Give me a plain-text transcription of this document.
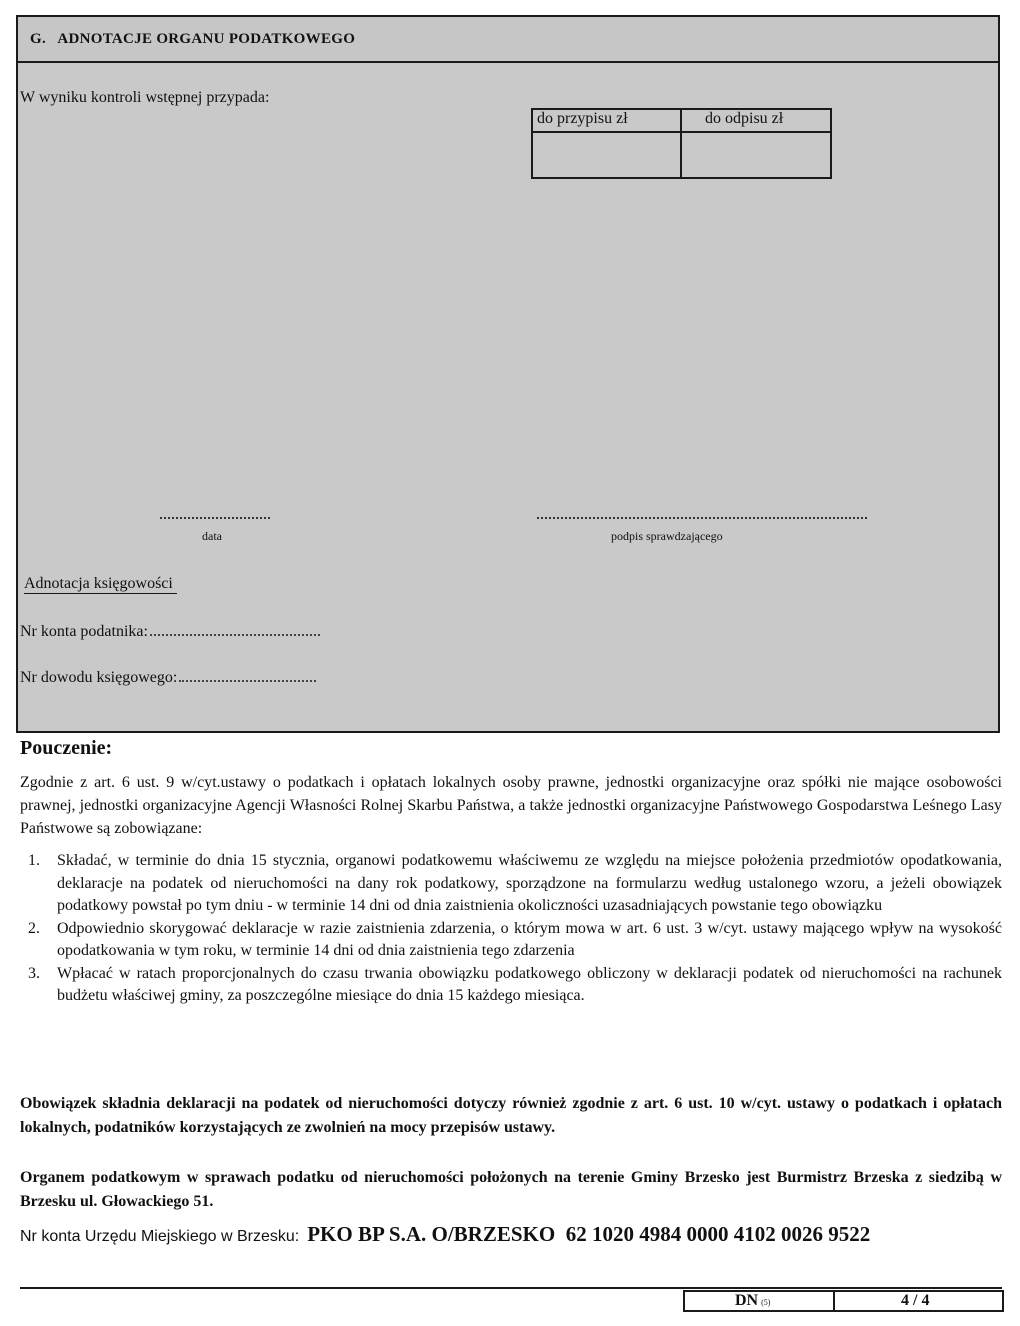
G.   ADNOTACJE ORGANU PODATKOWEGO
W wyniku kontroli wstępnej przypada:
do przypisu zł	do odpisu zł
data	podpis sprawdzającego
Adnotacja księgowości
Nr konta podatnika:
Nr dowodu księgowego:
Pouczenie:
Zgodnie z art. 6 ust. 9 w/cyt.ustawy o podatkach i opłatach lokalnych osoby prawne, jednostki organizacyjne oraz spółki nie mające osobowości prawnej, jednostki organizacyjne Agencji Własności Rolnej Skarbu Państwa, a także jednostki organizacyjne Państwowego Gospodarstwa Leśnego Lasy Państwowe są zobowiązane:
1. Składać, w terminie do dnia 15 stycznia, organowi podatkowemu właściwemu ze względu na miejsce położenia przedmiotów opodatkowania, deklaracje na podatek od nieruchomości na dany rok podatkowy, sporządzone na formularzu według ustalonego wzoru, a jeżeli obowiązek podatkowy powstał po tym dniu - w terminie 14 dni od dnia zaistnienia okoliczności uzasadniających powstanie tego obowiązku
2. Odpowiednio skorygować deklaracje w razie zaistnienia zdarzenia, o którym mowa w art. 6 ust. 3 w/cyt. ustawy mającego wpływ na wysokość opodatkowania w tym roku, w terminie 14 dni od dnia zaistnienia tego zdarzenia
3. Wpłacać w ratach proporcjonalnych do czasu trwania obowiązku podatkowego obliczony w deklaracji podatek od nieruchomości na rachunek budżetu właściwej gminy, za poszczególne miesiące do dnia 15 każdego miesiąca.
Obowiązek składnia deklaracji na podatek od nieruchomości dotyczy również zgodnie z art. 6 ust. 10 w/cyt. ustawy o podatkach i opłatach lokalnych, podatników korzystających ze zwolnień na mocy przepisów ustawy.
Organem podatkowym w sprawach podatku od nieruchomości położonych na terenie Gminy Brzesko jest Burmistrz Brzeska z siedzibą w Brzesku ul. Głowackiego 51.
Nr konta Urzędu Miejskiego w Brzesku: PKO BP S.A. O/BRZESKO  62 1020 4984 0000 4102 0026 9522
DN (5)	4 / 4
